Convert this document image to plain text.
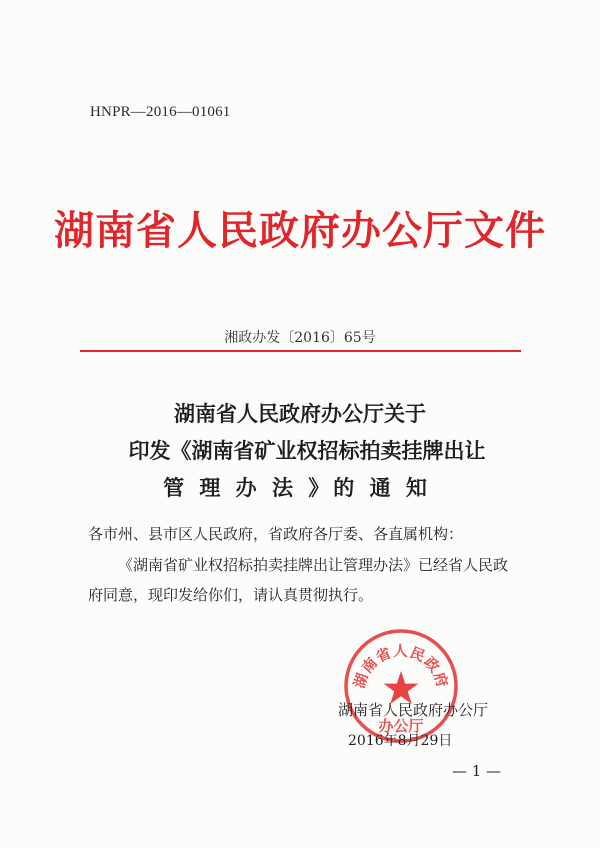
HNPR—2016—01061
湖南省人民政府办公厅文件
湘政办发〔2016〕65号
湖南省人民政府办公厅关于
印发《湖南省矿业权招标拍卖挂牌出让
管 理 办 法 》的 通 知
各市州、县市区人民政府，省政府各厅委、各直属机构：

《湖南省矿业权招标拍卖挂牌出让管理办法》已经省人民政府同意，现印发给你们，请认真贯彻执行。

湖南省人民政府
办公厅
湖南省人民政府办公厅
2016年8月29日
— 1 —
